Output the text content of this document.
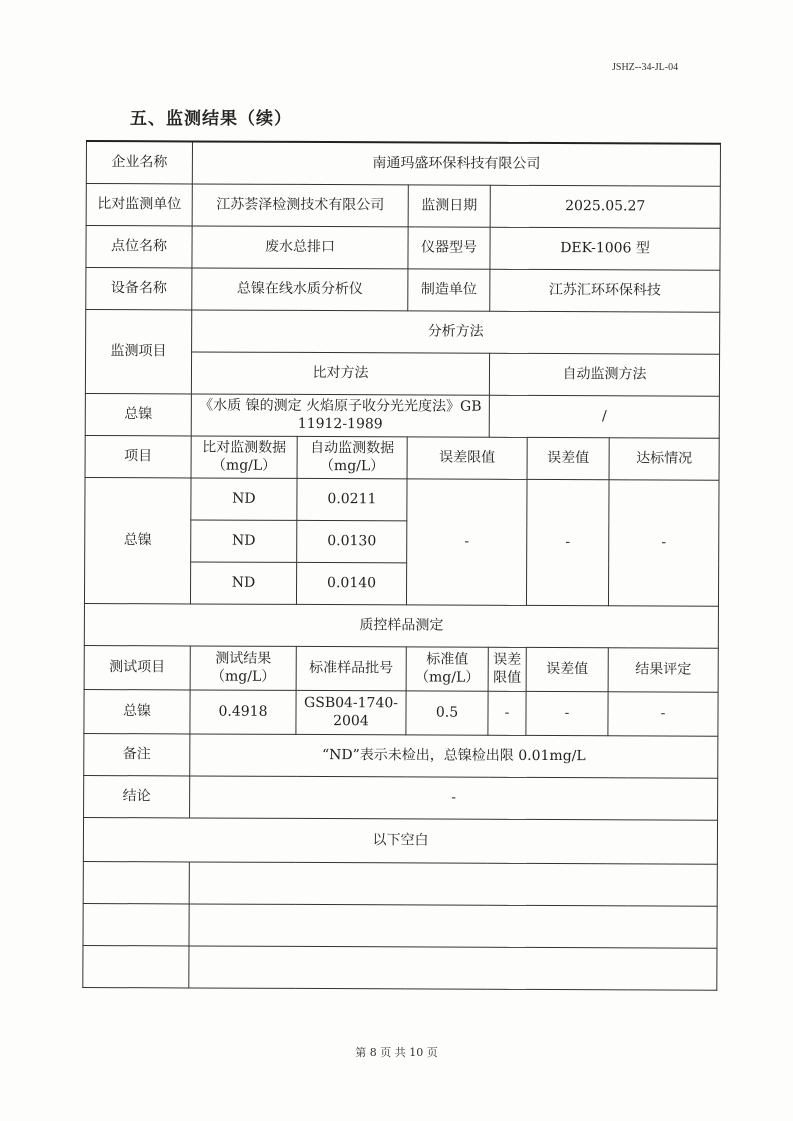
JSHZ--34-JL-04
五、监测结果（续）
企业名称	南通玛盛环保科技有限公司					
比对监测单位	江苏荟泽检测技术有限公司		监测日期	2025.05.27		
点位名称	废水总排口		仪器型号	DEK-1006 型		
设备名称	总镍在线水质分析仪		制造单位	江苏汇环环保科技		
监测项目	分析方法					
	比对方法			自动监测方法		
总镍	《水质 镍的测定 火焰原子收分光光度法》GB 11912-1989			/		
项目	比对监测数据（mg/L）	自动监测数据（mg/L）	误差限值		误差值	达标情况
总镍	ND	0.0211	-		-	-
	ND	0.0130				
	ND	0.0140				
质控样品测定						
测试项目	测试结果（mg/L）	标准样品批号	标准值（mg/L）	误差限值	误差值	结果评定
总镍	0.4918	GSB04-1740-2004	0.5	-	-	-
备注	“ND”表示未检出，总镍检出限 0.01mg/L					
结论	-					
以下空白						

第 8 页 共 10 页
